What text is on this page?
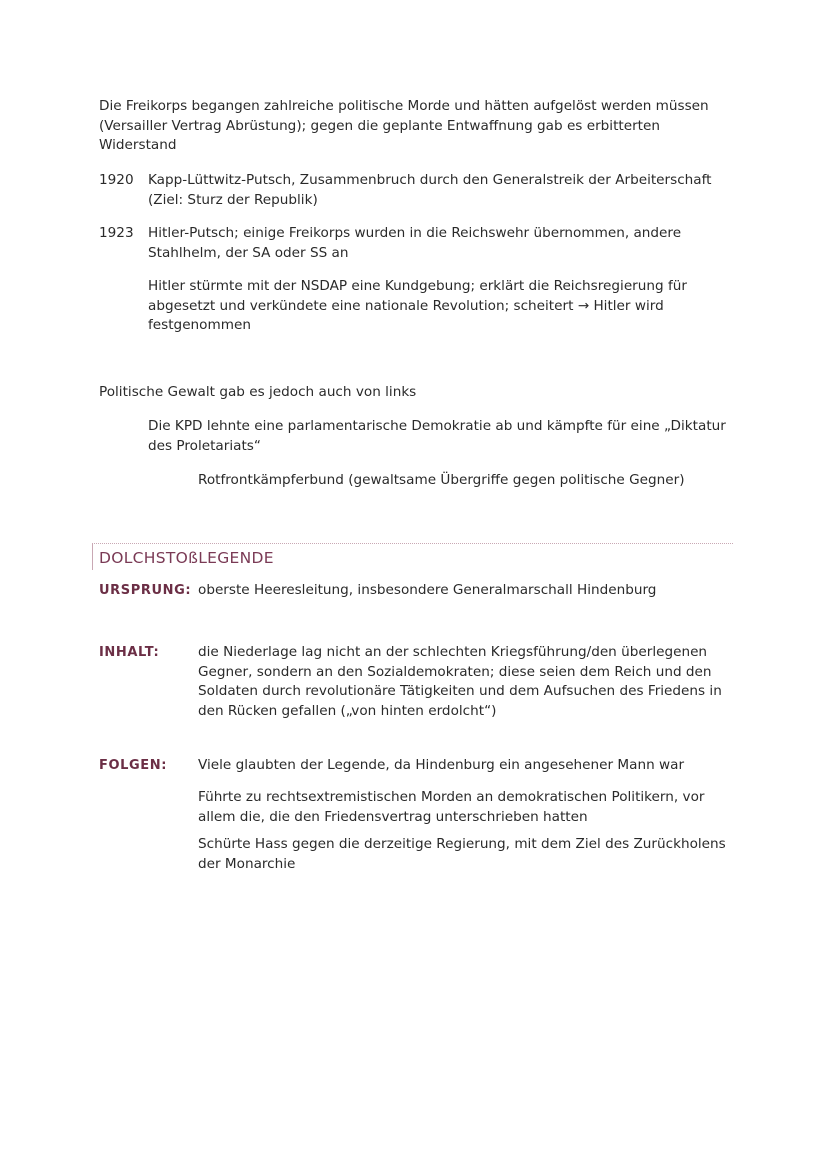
Die Freikorps begangen zahlreiche politische Morde und hätten aufgelöst werden müssen (Versailler Vertrag Abrüstung); gegen die geplante Entwaffnung gab es erbitterten Widerstand

1920 Kapp-Lüttwitz-Putsch, Zusammenbruch durch den Generalstreik der Arbeiterschaft (Ziel: Sturz der Republik)

1923 Hitler-Putsch; einige Freikorps wurden in die Reichswehr übernommen, andere Stahlhelm, der SA oder SS an

Hitler stürmte mit der NSDAP eine Kundgebung; erklärt die Reichsregierung für abgesetzt und verkündete eine nationale Revolution; scheitert → Hitler wird festgenommen

Politische Gewalt gab es jedoch auch von links

Die KPD lehnte eine parlamentarische Demokratie ab und kämpfte für eine „Diktatur des Proletariats“

Rotfrontkämpferbund (gewaltsame Übergriffe gegen politische Gegner)

DOLCHSTOßLEGENDE
URSPRUNG: oberste Heeresleitung, insbesondere Generalmarschall Hindenburg

INHALT:	die Niederlage lag nicht an der schlechten Kriegsführung/den überlegenen Gegner, sondern an den Sozialdemokraten; diese seien dem Reich und den Soldaten durch revolutionäre Tätigkeiten und dem Aufsuchen des Friedens in den Rücken gefallen („von hinten erdolcht“)

FOLGEN: Viele glaubten der Legende, da Hindenburg ein angesehener Mann war

Führte zu rechtsextremistischen Morden an demokratischen Politikern, vor allem die, die den Friedensvertrag unterschrieben hatten

Schürte Hass gegen die derzeitige Regierung, mit dem Ziel des Zurückholens der Monarchie
